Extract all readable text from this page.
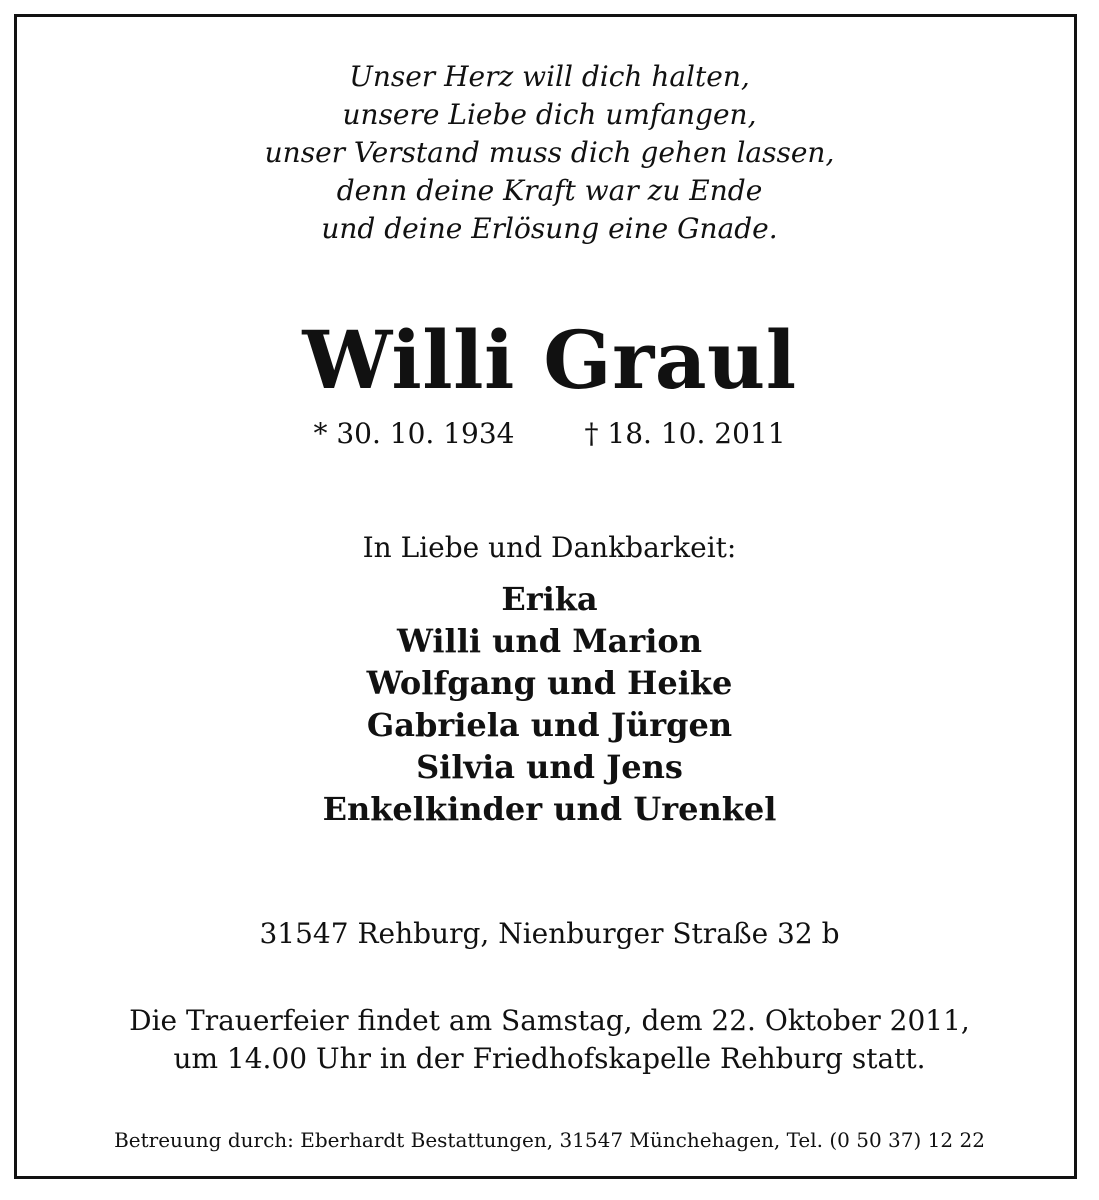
Unser Herz will dich halten,
unsere Liebe dich umfangen,
unser Verstand muss dich gehen lassen,
denn deine Kraft war zu Ende
und deine Erlösung eine Gnade.
Willi Graul
* 30. 10. 1934	† 18. 10. 2011
In Liebe und Dankbarkeit:
Erika
Willi und Marion
Wolfgang und Heike
Gabriela und Jürgen
Silvia und Jens
Enkelkinder und Urenkel
31547 Rehburg, Nienburger Straße 32 b
Die Trauerfeier findet am Samstag, dem 22. Oktober 2011,
um 14.00 Uhr in der Friedhofskapelle Rehburg statt.
Betreuung durch: Eberhardt Bestattungen, 31547 Münchehagen, Tel. (0 50 37) 12 22
